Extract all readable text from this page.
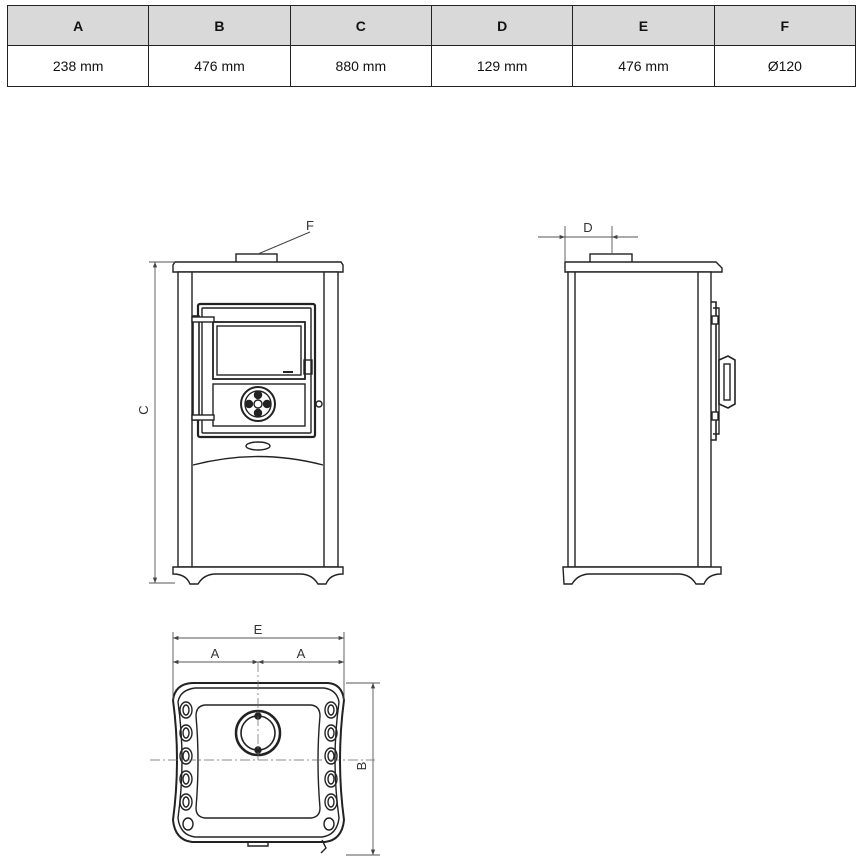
A	B	C	D	E	F
238 mm	476 mm	880 mm	129 mm	476 mm	Ø120
F
C
D
E
A	A
B
